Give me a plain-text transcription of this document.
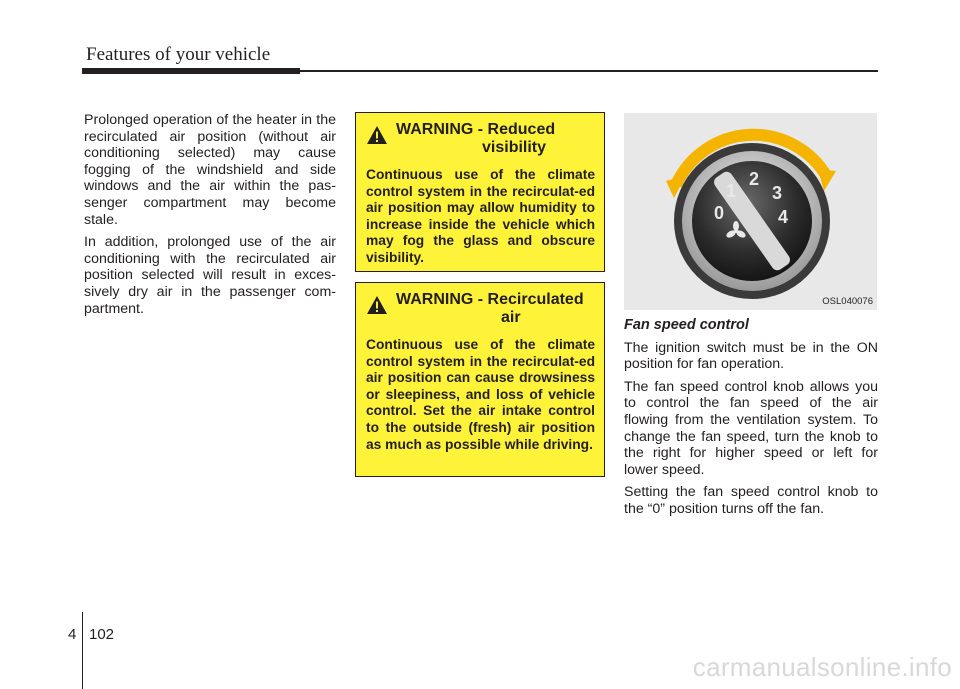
Features of your vehicle

Prolonged operation of the heater in the recirculated air position (without air conditioning selected) may cause fogging of the windshield and side windows and the air within the pas-senger compartment may become stale.

In addition, prolonged use of the air conditioning with the recirculated air position selected will result in exces-sively dry air in the passenger com-partment.

WARNING - Reduced
visibility
Continuous use of the climate control system in the recirculat-ed air position may allow humidity to increase inside the vehicle which may fog the glass and obscure visibility.
WARNING - Recirculated
air
Continuous use of the climate control system in the recirculat-ed air position can cause drowsiness or sleepiness, and loss of vehicle control. Set the air intake control to the outside (fresh) air position as much as possible while driving.
0
1
2
3
4
OSL040076

Fan speed control

The ignition switch must be in the ON position for fan operation.

The fan speed control knob allows you to control the fan speed of the air flowing from the ventilation system. To change the fan speed, turn the knob to the right for higher speed or left for lower speed.

Setting the fan speed control knob to the “0” position turns off the fan.

4 102
carmanualsonline.info
